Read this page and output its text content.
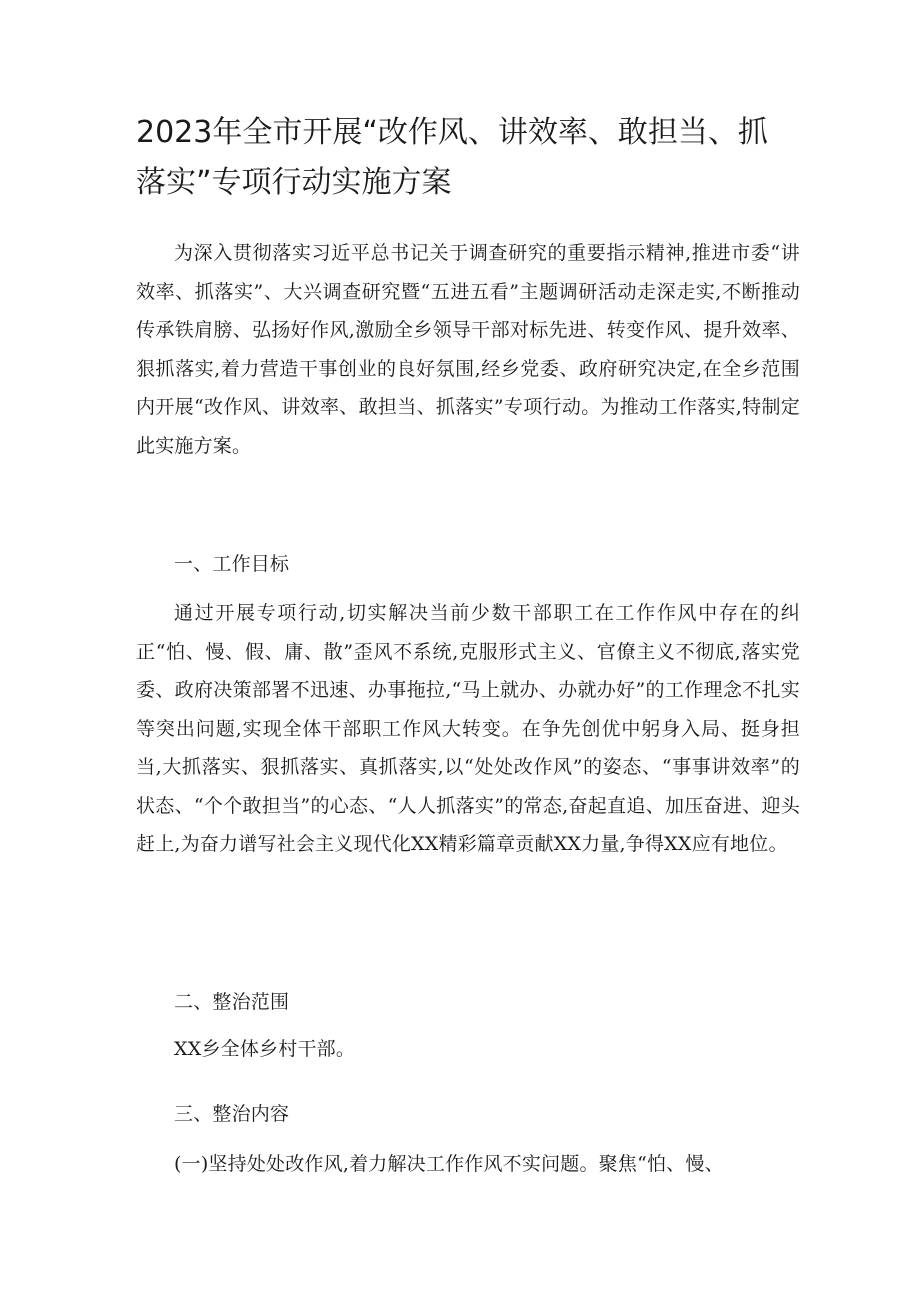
2023年全市开展“改作风、讲效率、敢担当、抓落实”专项行动实施方案

为深入贯彻落实习近平总书记关于调查研究的重要指示精神,推进市委“讲效率、抓落实”、大兴调查研究暨“五进五看”主题调研活动走深走实,不断推动传承铁肩膀、弘扬好作风,激励全乡领导干部对标先进、转变作风、提升效率、狠抓落实,着力营造干事创业的良好氛围,经乡党委、政府研究决定,在全乡范围内开展“改作风、讲效率、敢担当、抓落实”专项行动。为推动工作落实,特制定此实施方案。

一、工作目标

通过开展专项行动,切实解决当前少数干部职工在工作作风中存在的纠正“怕、慢、假、庸、散”歪风不系统,克服形式主义、官僚主义不彻底,落实党委、政府决策部署不迅速、办事拖拉,“马上就办、办就办好”的工作理念不扎实等突出问题,实现全体干部职工作风大转变。在争先创优中躬身入局、挺身担当,大抓落实、狠抓落实、真抓落实,以“处处改作风”的姿态、“事事讲效率”的状态、“个个敢担当”的心态、“人人抓落实”的常态,奋起直追、加压奋进、迎头赶上,为奋力谱写社会主义现代化XX精彩篇章贡献XX力量,争得XX应有地位。

二、整治范围

XX乡全体乡村干部。

三、整治内容

(一)坚持处处改作风,着力解决工作作风不实问题。聚焦“怕、慢、
